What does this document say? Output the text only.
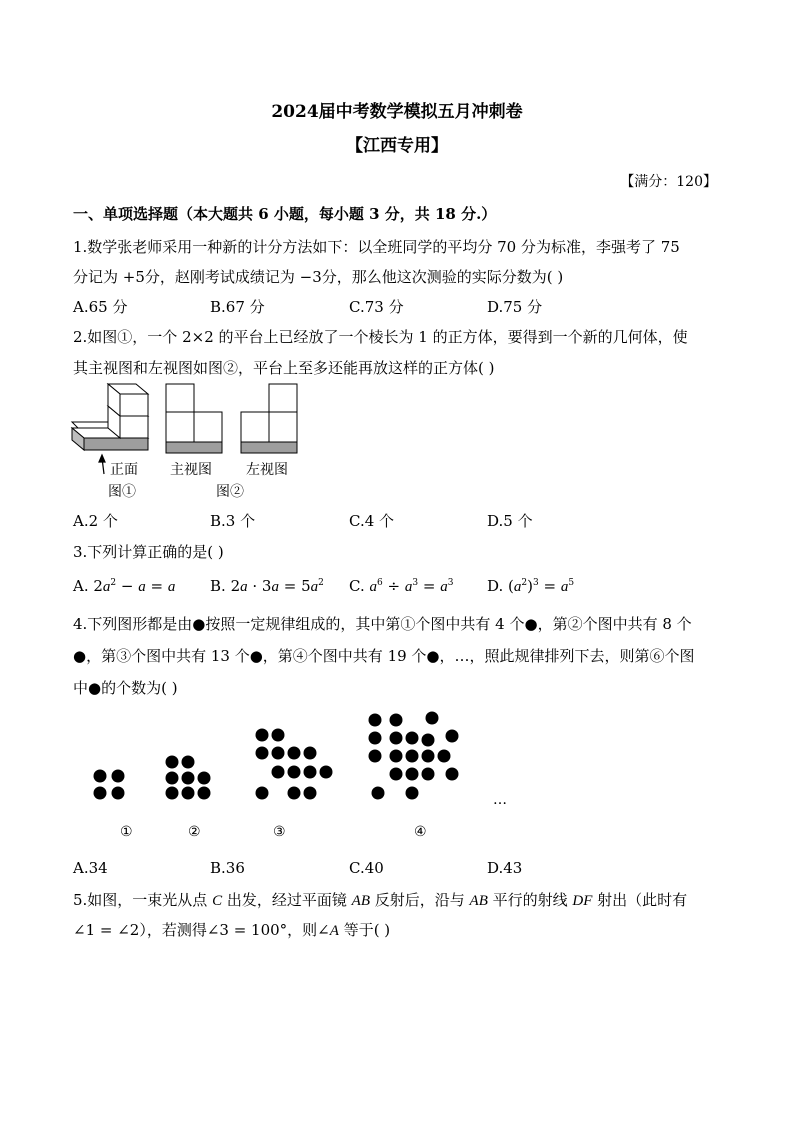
2024届中考数学模拟五月冲刺卷
【江西专用】
【满分：120】
一、单项选择题（本大题共 6 小题，每小题 3 分，共 18 分.）
1.数学张老师采用一种新的计分方法如下：以全班同学的平均分 70 分为标准，李强考了 75
分记为 +5分，赵刚考试成绩记为 −3分，那么他这次测验的实际分数为( )
A.65 分	B.67 分	C.73 分	D.75 分
2.如图①，一个 2×2 的平台上已经放了一个棱长为 1 的正方体，要得到一个新的几何体，使
其主视图和左视图如图②，平台上至多还能再放这样的正方体( )
正面
图①
主视图 左视图
图②
A.2 个	B.3 个	C.4 个	D.5 个
3.下列计算正确的是( )
A. $2a^2 - a = a$ B. $2a \cdot 3a = 5a^2$ C. $a^6 \div a^3 = a^3$ D. $(a^2)^3 = a^5$
4.下列图形都是由●按照一定规律组成的，其中第①个图中共有 4 个●，第②个图中共有 8 个
●，第③个图中共有 13 个●，第④个图中共有 19 个●，…，照此规律排列下去，则第⑥个图
中●的个数为( )
①	②	③	④
…
A.34	B.36	C.40	D.43
5.如图，一束光从点 C 出发，经过平面镜 AB 反射后，沿与 AB 平行的射线 DF 射出（此时有
∠1 = ∠2），若测得∠3 = 100°，则∠A 等于( )
